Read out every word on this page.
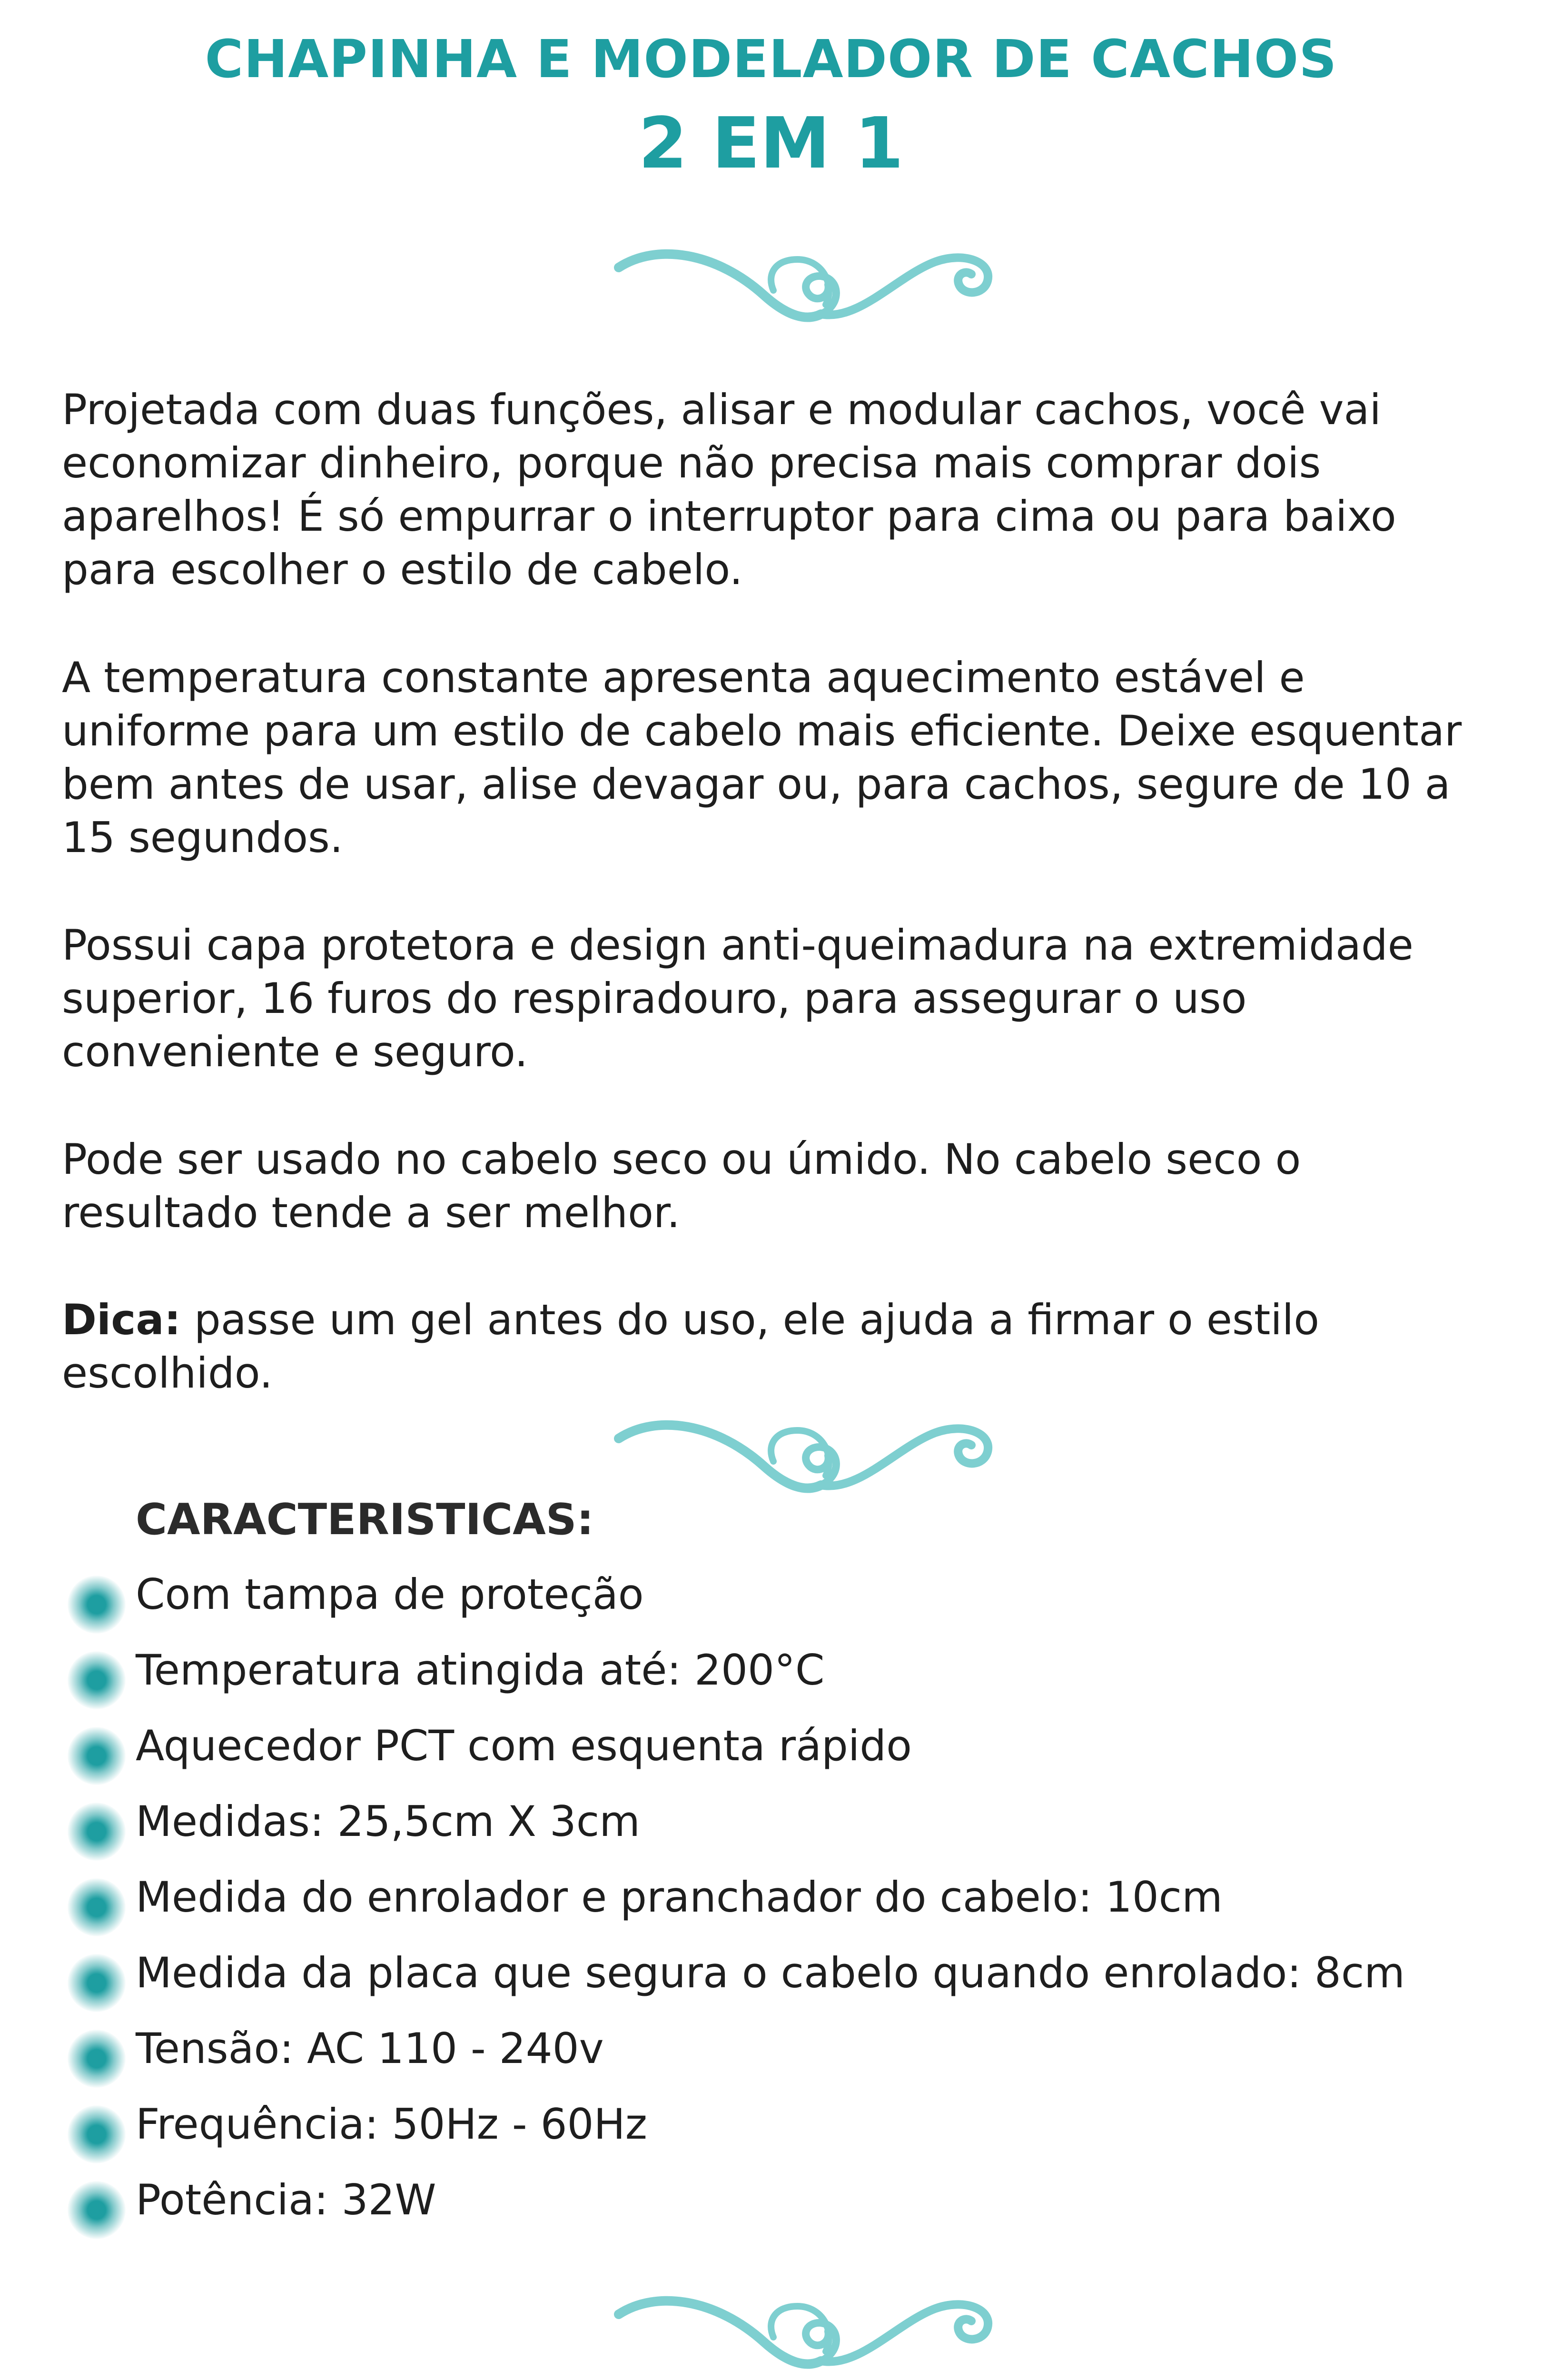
CHAPINHA E MODELADOR DE CACHOS
2 EM 1

Projetada com duas funções, alisar e modular cachos, você vai economizar dinheiro, porque não precisa mais comprar dois aparelhos! É só empurrar o interruptor para cima ou para baixo para escolher o estilo de cabelo.

A temperatura constante apresenta aquecimento estável e uniforme para um estilo de cabelo mais eficiente. Deixe esquentar bem antes de usar, alise devagar ou, para cachos, segure de 10 a 15 segundos.

Possui capa protetora e design anti-queimadura na extremidade superior, 16 furos do respiradouro, para assegurar o uso conveniente e seguro.

Pode ser usado no cabelo seco ou úmido. No cabelo seco o resultado tende a ser melhor.

Dica: passe um gel antes do uso, ele ajuda a firmar o estilo escolhido.

CARACTERISTICAS:
Com tampa de proteção
Temperatura atingida até: 200°C
Aquecedor PCT com esquenta rápido
Medidas: 25,5cm X 3cm
Medida do enrolador e pranchador do cabelo: 10cm
Medida da placa que segura o cabelo quando enrolado: 8cm
Tensão: AC 110 - 240v
Frequência: 50Hz - 60Hz
Potência: 32W
